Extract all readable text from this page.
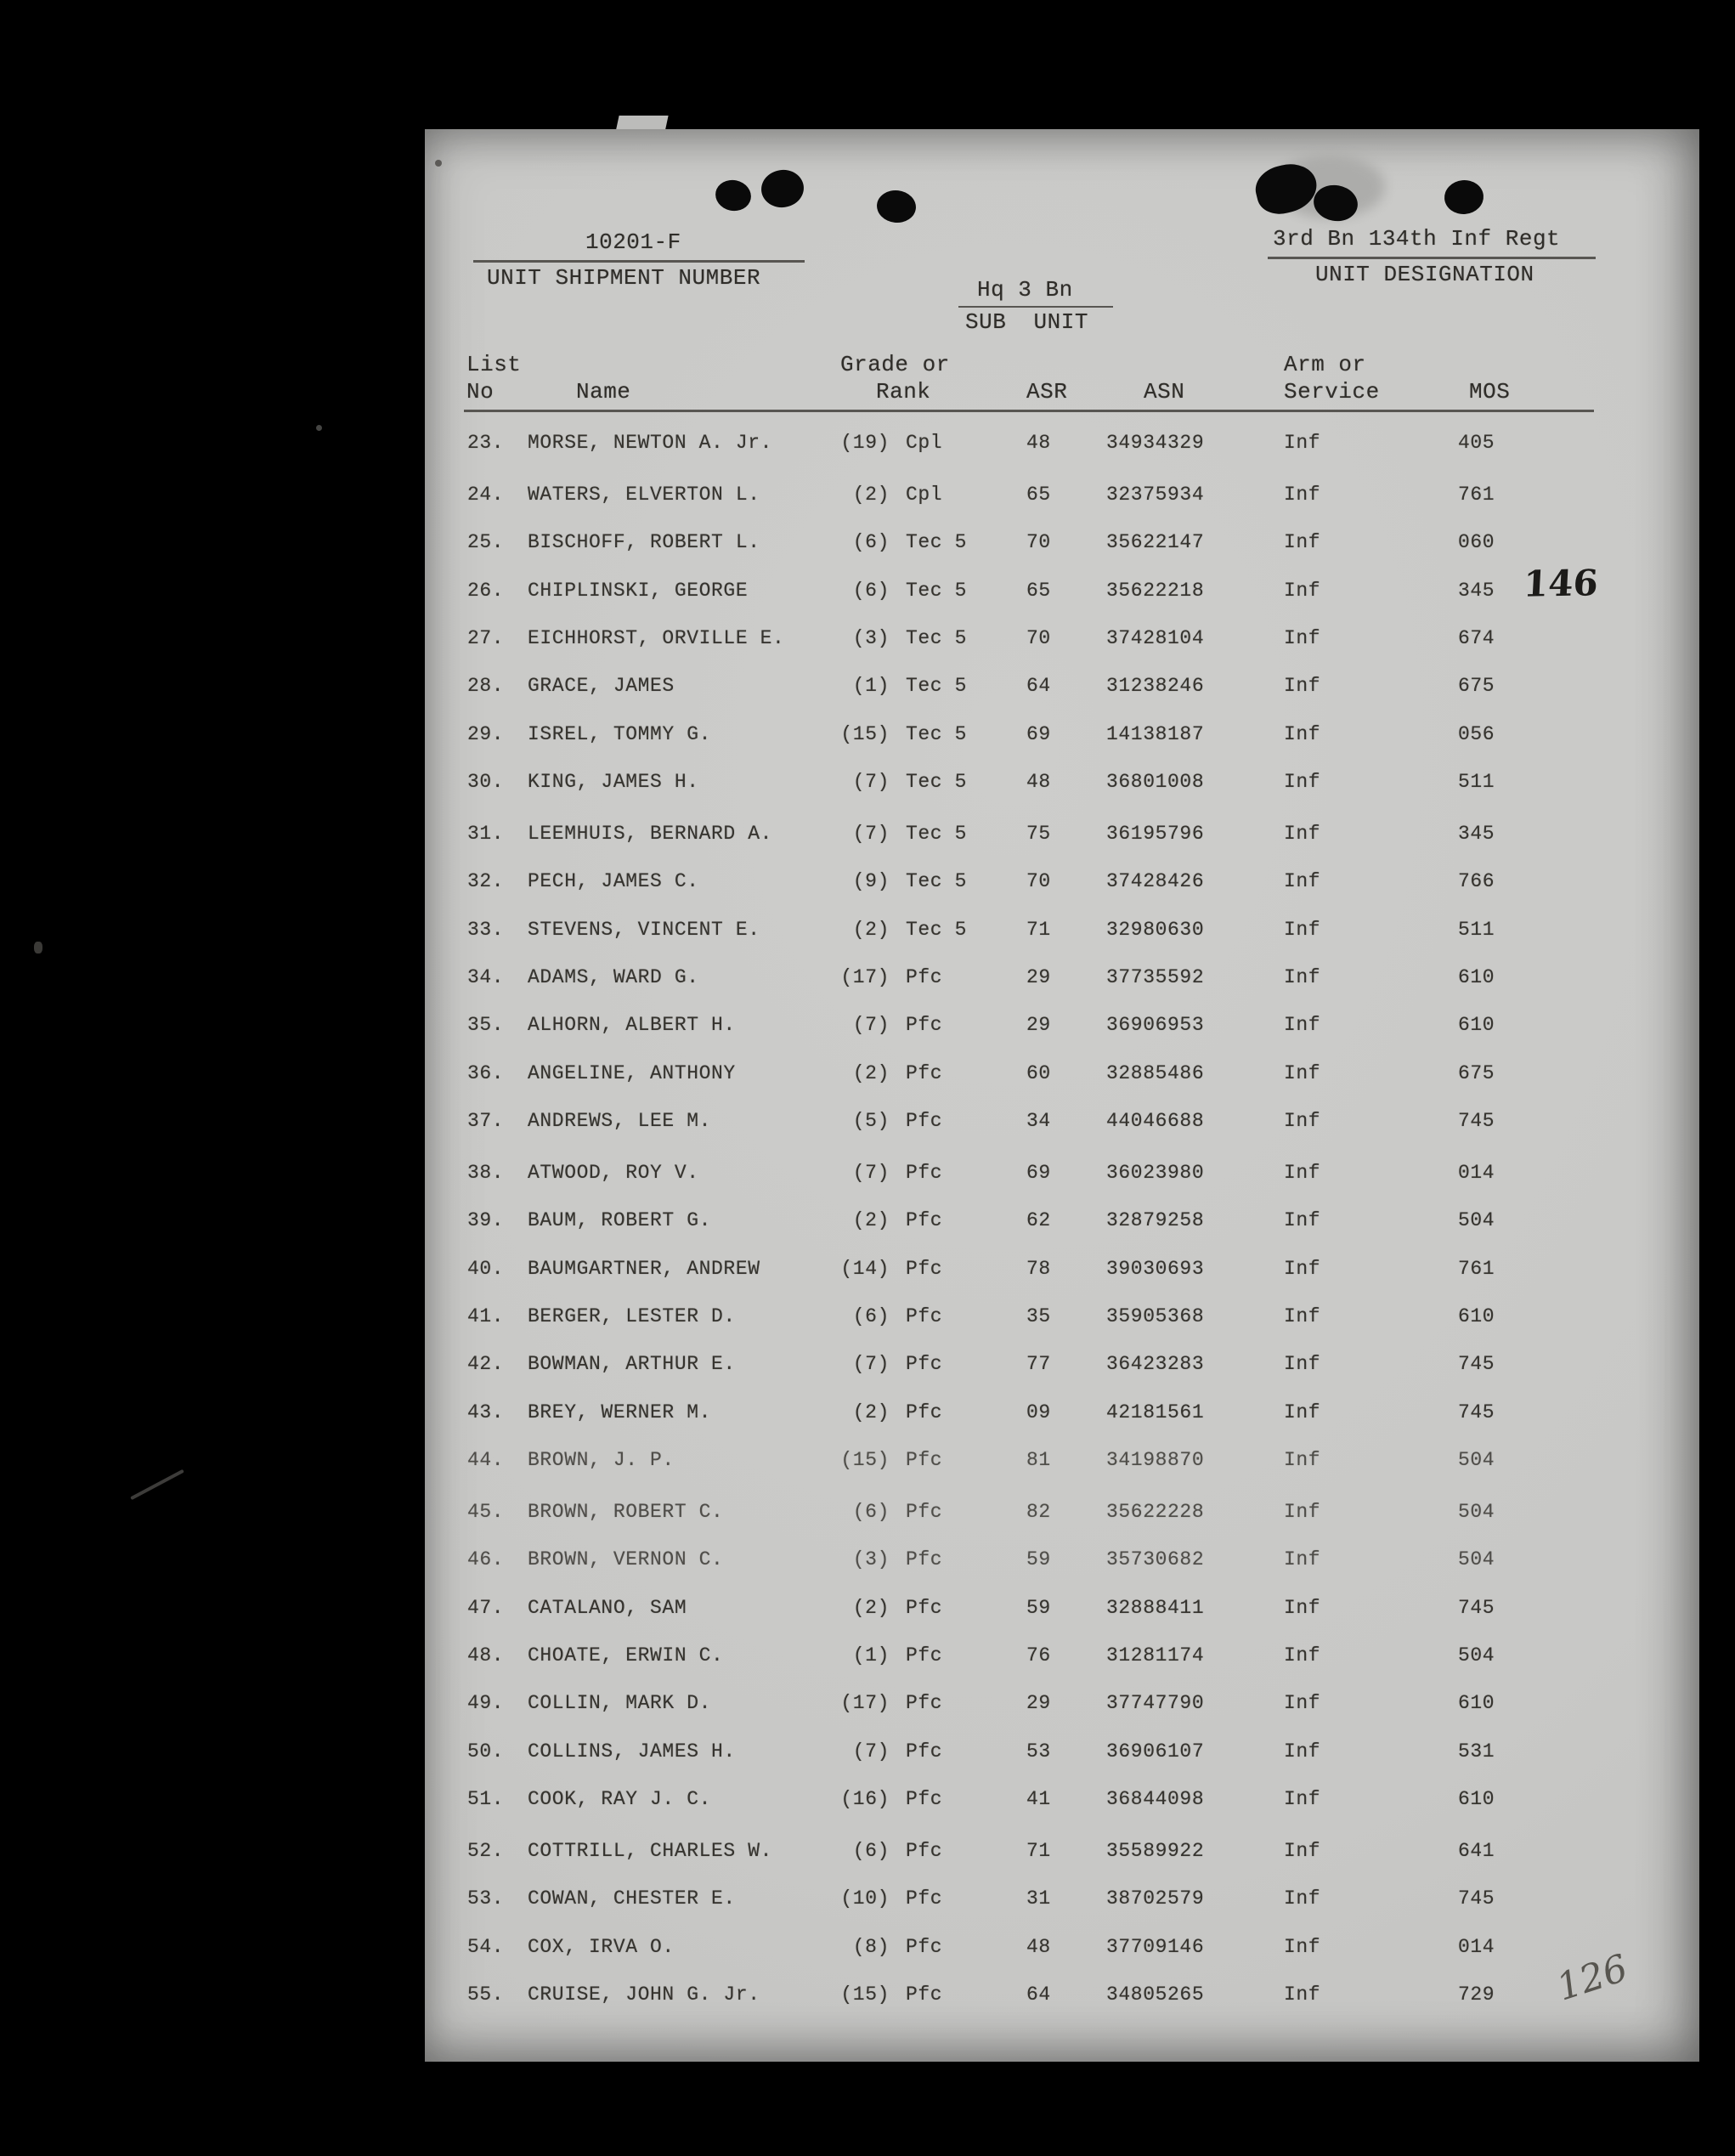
10201-F
UNIT SHIPMENT NUMBER
3rd Bn 134th Inf Regt
UNIT DESIGNATION
Hq 3 Bn
SUB  UNIT
List	Grade or	Arm or
No	Name	Rank	ASR	ASN	Service	MOS
23. MORSE, NEWTON A. Jr.	(19) Cpl	48	34934329	Inf	405
24. WATERS, ELVERTON L.	(2) Cpl	65	32375934	Inf	761
25. BISCHOFF, ROBERT L.	(6) Tec 5	70	35622147	Inf	060
26. CHIPLINSKI, GEORGE	(6) Tec 5	65	35622218	Inf	345
27. EICHHORST, ORVILLE E.	(3) Tec 5	70	37428104	Inf	674
28. GRACE, JAMES	(1) Tec 5	64	31238246	Inf	675
29. ISREL, TOMMY G.	(15) Tec 5	69	14138187	Inf	056
30. KING, JAMES H.	(7) Tec 5	48	36801008	Inf	511
31. LEEMHUIS, BERNARD A.	(7) Tec 5	75	36195796	Inf	345
32. PECH, JAMES C.	(9) Tec 5	70	37428426	Inf	766
33. STEVENS, VINCENT E.	(2) Tec 5	71	32980630	Inf	511
34. ADAMS, WARD G.	(17) Pfc	29	37735592	Inf	610
35. ALHORN, ALBERT H.	(7) Pfc	29	36906953	Inf	610
36. ANGELINE, ANTHONY	(2) Pfc	60	32885486	Inf	675
37. ANDREWS, LEE M.	(5) Pfc	34	44046688	Inf	745
38. ATWOOD, ROY V.	(7) Pfc	69	36023980	Inf	014
39. BAUM, ROBERT G.	(2) Pfc	62	32879258	Inf	504
40. BAUMGARTNER, ANDREW	(14) Pfc	78	39030693	Inf	761
41. BERGER, LESTER D.	(6) Pfc	35	35905368	Inf	610
42. BOWMAN, ARTHUR E.	(7) Pfc	77	36423283	Inf	745
43. BREY, WERNER M.	(2) Pfc	09	42181561	Inf	745
44. BROWN, J. P.	(15) Pfc	81	34198870	Inf	504
45. BROWN, ROBERT C.	(6) Pfc	82	35622228	Inf	504
46. BROWN, VERNON C.	(3) Pfc	59	35730682	Inf	504
47. CATALANO, SAM	(2) Pfc	59	32888411	Inf	745
48. CHOATE, ERWIN C.	(1) Pfc	76	31281174	Inf	504
49. COLLIN, MARK D.	(17) Pfc	29	37747790	Inf	610
50. COLLINS, JAMES H.	(7) Pfc	53	36906107	Inf	531
51. COOK, RAY J. C.	(16) Pfc	41	36844098	Inf	610
52. COTTRILL, CHARLES W.	(6) Pfc	71	35589922	Inf	641
53. COWAN, CHESTER E.	(10) Pfc	31	38702579	Inf	745
54. COX, IRVA O.	(8) Pfc	48	37709146	Inf	014
55. CRUISE, JOHN G. Jr.	(15) Pfc	64	34805265	Inf	729
146
126
